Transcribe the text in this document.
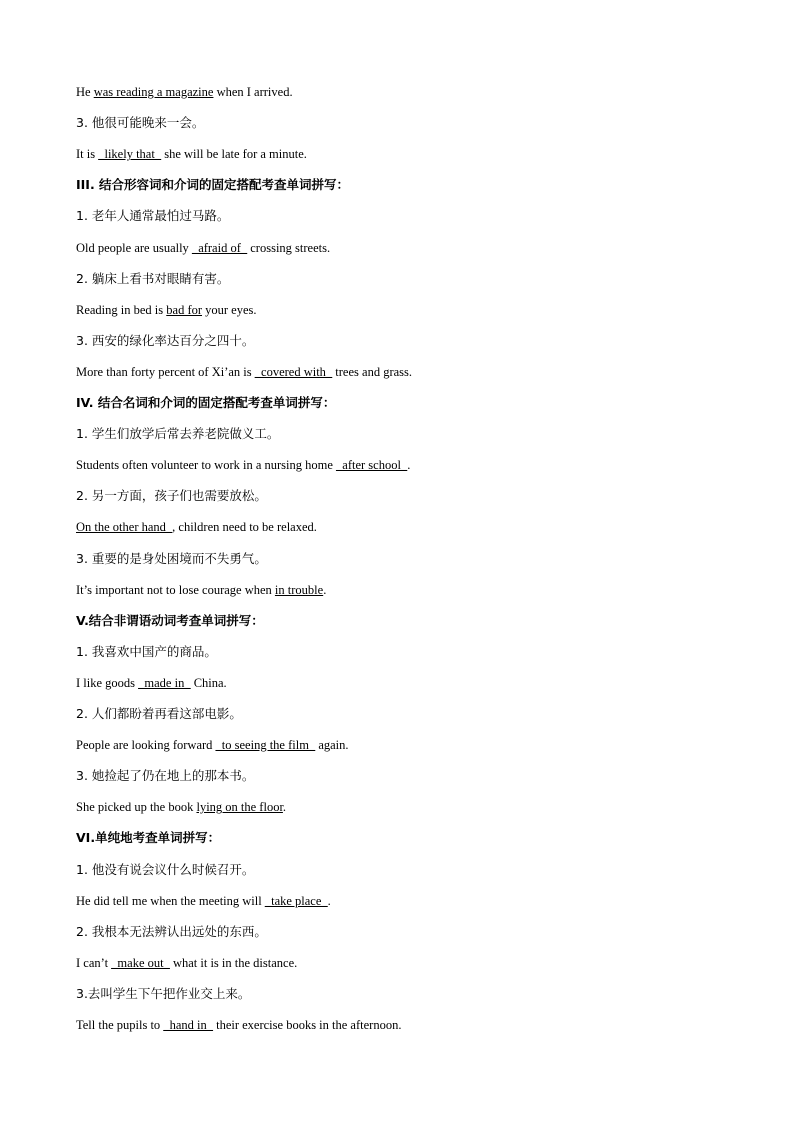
He was reading a magazine when I arrived.
3. 他很可能晚来一会。
It is _likely that_ she will be late for a minute.
III. 结合形容词和介词的固定搭配考查单词拼写：
1. 老年人通常最怕过马路。
Old people are usually _afraid of_ crossing streets.
2. 躺床上看书对眼睛有害。
Reading in bed is bad for your eyes.
3. 西安的绿化率达百分之四十。
More than forty percent of Xi’an is _covered with_ trees and grass.
IV. 结合名词和介词的固定搭配考查单词拼写：
1. 学生们放学后常去养老院做义工。
Students often volunteer to work in a nursing home _after school_.
2. 另一方面，孩子们也需要放松。
On the other hand_, children need to be relaxed.
3. 重要的是身处困境而不失勇气。
It’s important not to lose courage when in trouble.
V.结合非谓语动词考查单词拼写：
1. 我喜欢中国产的商品。
I like goods _made in_ China.
2. 人们都盼着再看这部电影。
People are looking forward _to seeing the film_ again.
3. 她捡起了仍在地上的那本书。
She picked up the book lying on the floor.
VI.单纯地考查单词拼写：
1. 他没有说会议什么时候召开。
He did tell me when the meeting will _take place_.
2. 我根本无法辨认出远处的东西。
I can’t _make out_ what it is in the distance.
3.去叫学生下午把作业交上来。
Tell the pupils to _hand in_ their exercise books in the afternoon.
